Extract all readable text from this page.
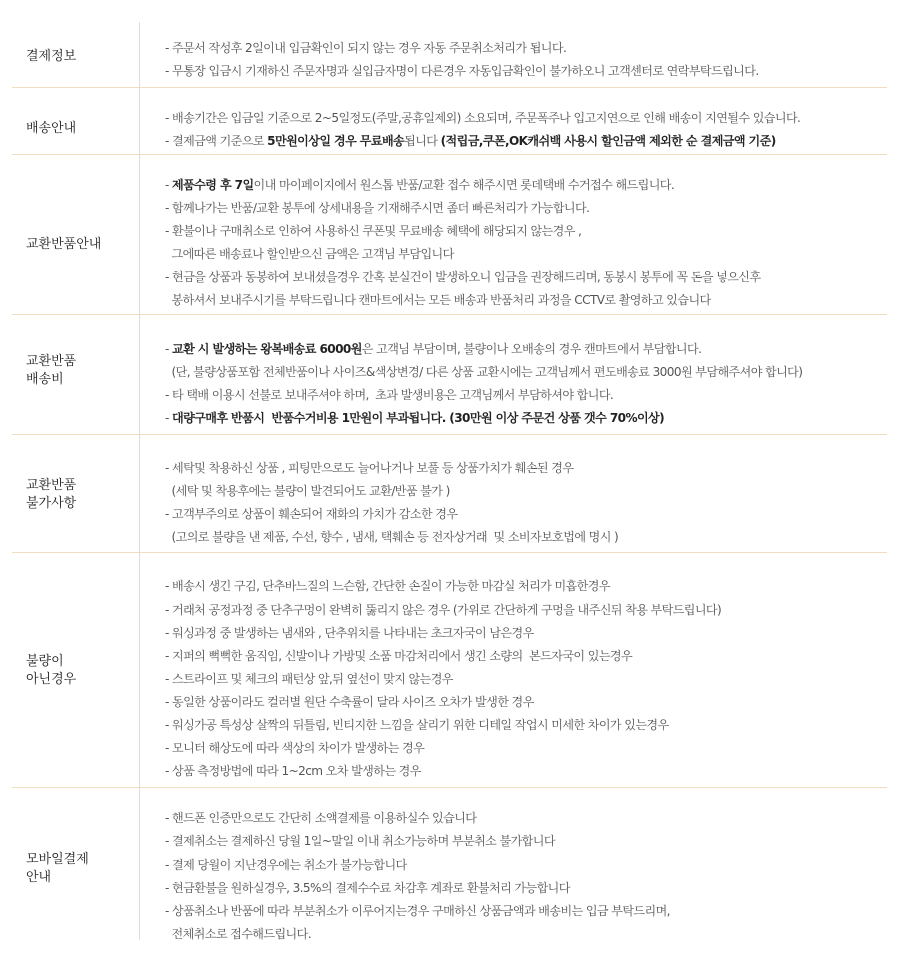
결제정보
- 주문서 작성후 2일이내 입금확인이 되지 않는 경우 자동 주문취소처리가 됩니다.
- 무통장 입금시 기재하신 주문자명과 실입금자명이 다른경우 자동입금확인이 불가하오니 고객센터로 연락부탁드립니다.
배송안내
- 배송기간은 입금일 기준으로 2~5일정도(주말,공휴일제외) 소요되며, 주문폭주나 입고지연으로 인해 배송이 지연될수 있습니다.
- 결제금액 기준으로 5만원이상일 경우 무료배송됩니다 (적립금,쿠폰,OK캐쉬백 사용시 할인금액 제외한 순 결제금액 기준)
교환반품안내
- 제품수령 후 7일이내 마이페이지에서 원스톱 반품/교환 접수 해주시면 롯데택배 수거접수 해드립니다.
- 함께나가는 반품/교환 봉투에 상세내용을 기재해주시면 좀더 빠른처리가 가능합니다.
- 환불이나 구매취소로 인하여 사용하신 쿠폰및 무료배송 혜택에 해당되지 않는경우 ,
그에따른 배송료나 할인받으신 금액은 고객님 부담입니다
- 현금을 상품과 동봉하여 보내셨을경우 간혹 분실건이 발생하오니 입금을 권장해드리며, 동봉시 봉투에 꼭 돈을 넣으신후
봉하셔서 보내주시기를 부탁드립니다 캔마트에서는 모든 배송과 반품처리 과정을 CCTV로 촬영하고 있습니다
교환반품
배송비
- 교환 시 발생하는 왕복배송료 6000원은 고객님 부담이며, 불량이나 오배송의 경우 캔마트에서 부담합니다.
(단, 불량상품포함 전체반품이나 사이즈&색상변경/ 다른 상품 교환시에는 고객님께서 편도배송료 3000원 부담해주셔야 합니다)
- 타 택배 이용시 선불로 보내주셔야 하며,  초과 발생비용은 고객님께서 부담하셔야 합니다.
- 대량구매후 반품시  반품수거비용 1만원이 부과됩니다. (30만원 이상 주문건 상품 갯수 70%이상)
교환반품
불가사항
- 세탁및 착용하신 상품 , 피팅만으로도 늘어나거나 보풀 등 상품가치가 훼손된 경우
(세탁 및 착용후에는 불량이 발견되어도 교환/반품 불가 )
- 고객부주의로 상품이 훼손되어 재화의 가치가 감소한 경우
(고의로 불량을 낸 제품, 수선, 향수 , 냄새, 택훼손 등 전자상거래  및 소비자보호법에 명시 )
불량이
아닌경우
- 배송시 생긴 구김, 단추바느질의 느슨함, 간단한 손질이 가능한 마감실 처리가 미흡한경우
- 거래처 공정과정 중 단추구멍이 완벽히 뚫리지 않은 경우 (가위로 간단하게 구멍을 내주신뒤 착용 부탁드립니다)
- 워싱과정 중 발생하는 냄새와 , 단추위치를 나타내는 초크자국이 남은경우
- 지퍼의 뻑뻑한 움직임, 신발이나 가방및 소품 마감처리에서 생긴 소량의  본드자국이 있는경우
- 스트라이프 및 체크의 패턴상 앞,뒤 옆선이 맞지 않는경우
- 동일한 상품이라도 컬러별 원단 수축률이 달라 사이즈 오차가 발생한 경우
- 워싱가공 특성상 살짝의 뒤틀림, 빈티지한 느낌을 살리기 위한 디테일 작업시 미세한 차이가 있는경우
- 모니터 해상도에 따라 색상의 차이가 발생하는 경우
- 상품 측정방법에 따라 1~2cm 오차 발생하는 경우
모바일결제
안내
- 핸드폰 인증만으로도 간단히 소액결제를 이용하실수 있습니다
- 결제취소는 결제하신 당월 1일~말일 이내 취소가능하며 부분취소 불가합니다
- 결제 당월이 지난경우에는 취소가 불가능합니다
- 현금환불을 원하실경우, 3.5%의 결제수수료 차감후 계좌로 환불처리 가능합니다
- 상품취소나 반품에 따라 부분취소가 이루어지는경우 구매하신 상품금액과 배송비는 입금 부탁드리며,
전체취소로 접수해드립니다.
